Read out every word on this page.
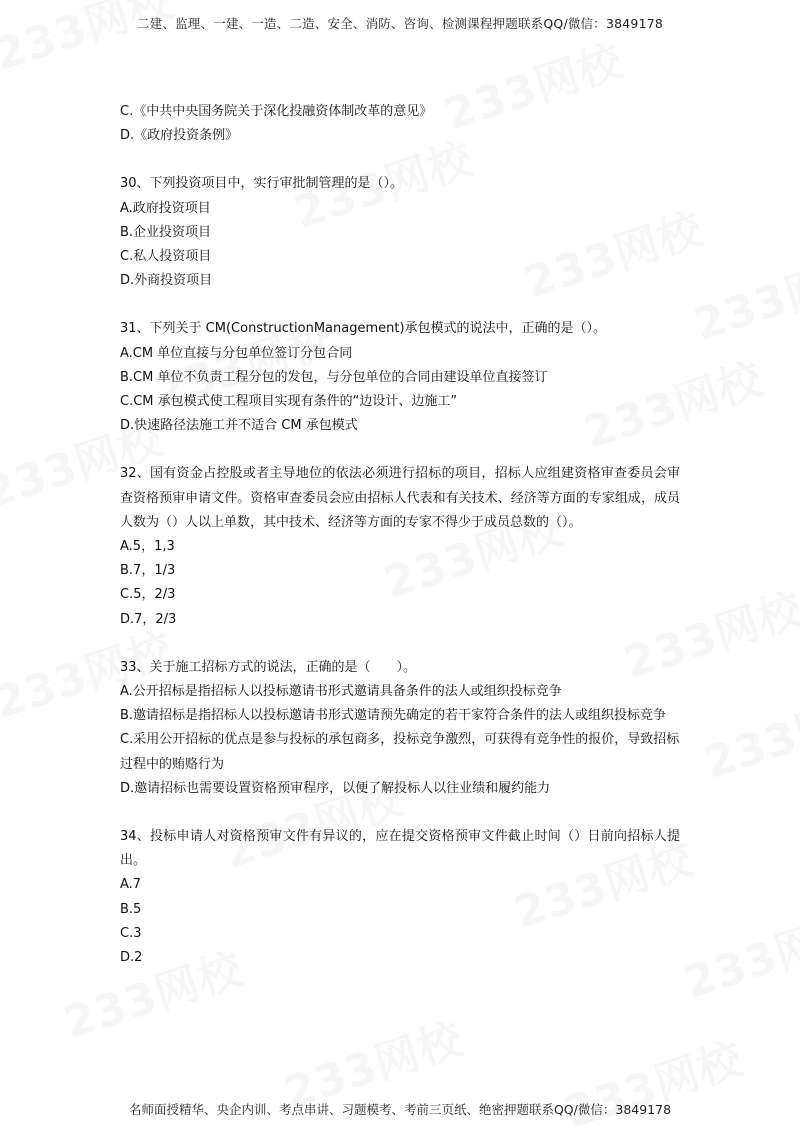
二建、监理、一建、一造、二造、安全、消防、咨询、检测课程押题联系QQ/微信：3849178

C.《中共中央国务院关于深化投融资体制改革的意见》

D.《政府投资条例》

30、下列投资项目中，实行审批制管理的是（）。

A.政府投资项目

B.企业投资项目

C.私人投资项目

D.外商投资项目

31、下列关于 CM(ConstructionManagement)承包模式的说法中，正确的是（）。

A.CM 单位直接与分包单位签订分包合同

B.CM 单位不负责工程分包的发包，与分包单位的合同由建设单位直接签订

C.CM 承包模式使工程项目实现有条件的“边设计、边施工”

D.快速路径法施工并不适合 CM 承包模式

32、国有资金占控股或者主导地位的依法必须进行招标的项目，招标人应组建资格审查委员会审查资格预审申请文件。资格审查委员会应由招标人代表和有关技术、经济等方面的专家组成，成员人数为（）人以上单数，其中技术、经济等方面的专家不得少于成员总数的（）。

A.5，1,3

B.7，1/3

C.5，2/3

D.7，2/3

33、关于施工招标方式的说法，正确的是（　　）。

A.公开招标是指招标人以投标邀请书形式邀请具备条件的法人或组织投标竞争

B.邀请招标是指招标人以投标邀请书形式邀请预先确定的若干家符合条件的法人或组织投标竞争

C.采用公开招标的优点是参与投标的承包商多，投标竞争激烈，可获得有竞争性的报价，导致招标过程中的贿赂行为

D.邀请招标也需要设置资格预审程序，以便了解投标人以往业绩和履约能力

34、投标申请人对资格预审文件有异议的，应在提交资格预审文件截止时间（）日前向招标人提出。

A.7

B.5

C.3

D.2

名师面授精华、央企内训、考点串讲、习题模考、考前三页纸、绝密押题联系QQ/微信：3849178
